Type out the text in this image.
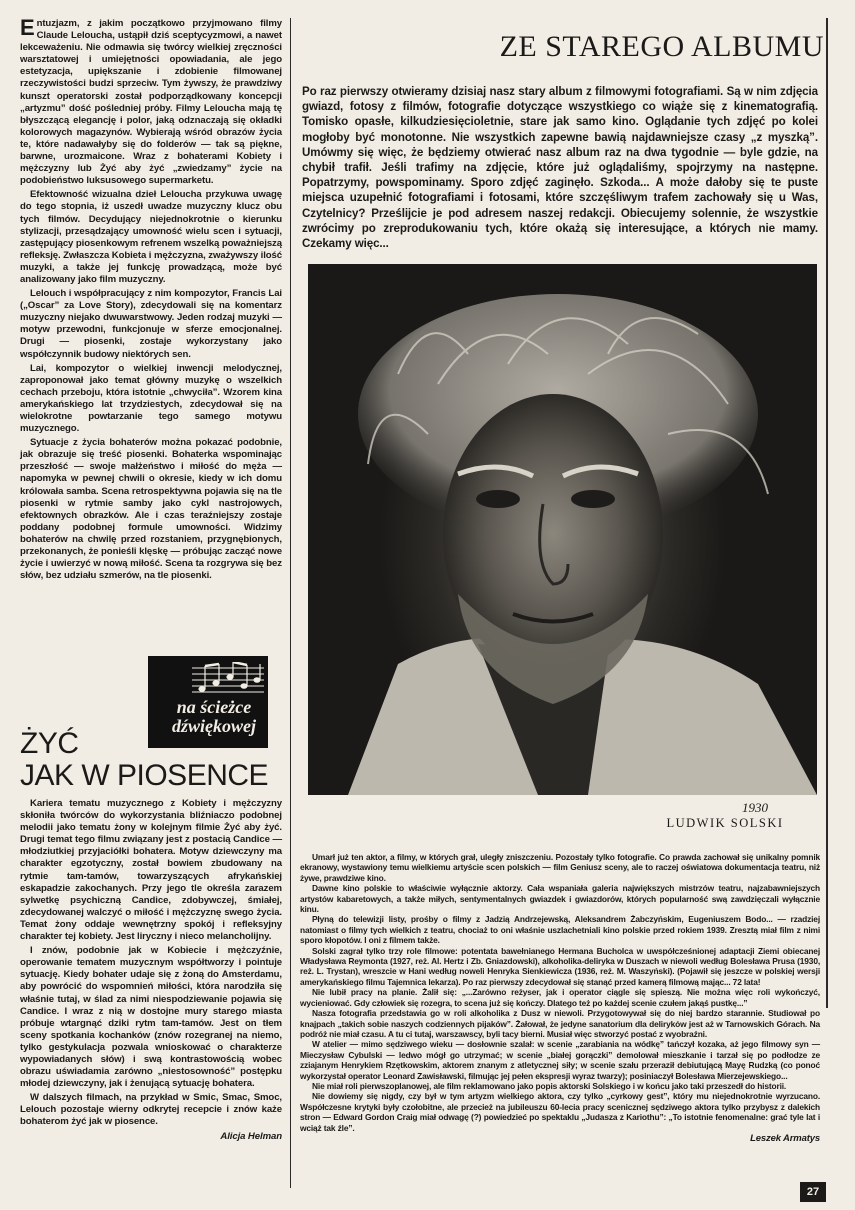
Entuzjazm, z jakim początkowo przyjmowano filmy Claude Leloucha, ustąpił dziś sceptycyzmowi, a nawet lekceważeniu. Nie odmawia się twórcy wielkiej zręczności warsztatowej i umiejętności opowiadania, ale jego estetyzacja, upiększanie i zdobienie filmowanej rzeczywistości budzi sprzeciw. Tym żywszy, że prawdziwy kunszt operatorski został podporządkowany koncepcji „artyzmu” dość pośledniej próby. Filmy Leloucha mają tę błyszczącą elegancję i polor, jaką odznaczają się okładki kolorowych magazynów. Wybierają wśród obrazów życia te, które nadawałyby się do folderów — tak są piękne, barwne, urozmaicone. Wraz z bohaterami Kobiety i mężczyzny lub Żyć aby żyć „zwiedzamy” życie na podobieństwo luksusowego supermarketu.

Efektowność wizualna dzieł Leloucha przykuwa uwagę do tego stopnia, iż uszedł uwadze muzyczny klucz obu tych filmów. Decydujący niejednokrotnie o kierunku stylizacji, przesądzający umowność wielu scen i sytuacji, zastępujący piosenkowym refrenem wszelką poważniejszą refleksję. Zwłaszcza Kobieta i mężczyzna, zważywszy ilość muzyki, a także jej funkcję prowadzącą, może być analizowany jako film muzyczny.

Lelouch i współpracujący z nim kompozytor, Francis Lai („Oscar” za Love Story), zdecydowali się na komentarz muzyczny niejako dwuwarstwowy. Jeden rodzaj muzyki — motyw przewodni, funkcjonuje w sferze emocjonalnej. Drugi — piosenki, zostaje wykorzystany jako współczynnik budowy niektórych sen.

Lai, kompozytor o wielkiej inwencji melodycznej, zaproponował jako temat główny muzykę o wszelkich cechach przeboju, która istotnie „chwyciła”. Wzorem kina amerykańskiego lat trzydziestych, zdecydował się na wielokrotne powtarzanie tego samego motywu muzycznego.

Sytuacje z życia bohaterów można pokazać podobnie, jak obrazuje się treść piosenki. Bohaterka wspominając przeszłość — swoje małżeństwo i miłość do męża — napomyka w pewnej chwili o okresie, kiedy w ich domu królowała samba. Scena retrospektywna pojawia się na tle piosenki w rytmie samby jako cykl nastrojowych, efektownych obrazków. Ale i czas teraźniejszy zostaje poddany podobnej formule umowności. Widzimy bohaterów na chwilę przed rozstaniem, przygnębionych, przekonanych, że ponieśli klęskę — próbując zacząć nowe życie i uwierzyć w nową miłość. Scena ta rozgrywa się bez słów, bez udziału szmerów, na tle piosenki.

na ścieżce
dźwiękowej
ŻYĆ
JAK W PIOSENCE

Kariera tematu muzycznego z Kobiety i mężczyzny skłoniła twórców do wykorzystania bliźniaczo podobnej melodii jako tematu żony w kolejnym filmie Żyć aby żyć. Drugi temat tego filmu związany jest z postacią Candice — młodziutkiej przyjaciółki bohatera. Motyw dziewczyny ma charakter egzotyczny, został bowiem zbudowany na rytmie tam-tamów, towarzyszących afrykańskiej eskapadzie zakochanych. Przy jego tle określa zarazem sylwetkę psychiczną Candice, zdobywczej, śmiałej, zdecydowanej walczyć o miłość i mężczyznę swego życia. Temat żony oddaje wewnętrzny spokój i refleksyjny charakter tej kobiety. Jest liryczny i nieco melancholijny.

I znów, podobnie jak w Kobiecie i mężczyźnie, operowanie tematem muzycznym współtworzy i pointuje sytuację. Kiedy bohater udaje się z żoną do Amsterdamu, aby powrócić do wspomnień miłości, która narodziła się właśnie tutaj, w ślad za nimi niespodziewanie pojawia się Candice. I wraz z nią w dostojne mury starego miasta próbuje wtargnąć dziki rytm tam-tamów. Jest on tłem sceny spotkania kochanków (znów rozegranej na niemo, tylko gestykulacja pozwala wnioskować o charakterze wypowiadanych słów) i swą kontrastowością wobec obrazu uświadamia zarówno „niestosowność” postępku młodej dziewczyny, jak i żenującą sytuację bohatera.

W dalszych filmach, na przykład w Smic, Smac, Smoc, Lelouch pozostaje wierny odkrytej recepcie i znów każe bohaterom żyć jak w piosence.

Alicja Helman
ZE STAREGO ALBUMU

Po raz pierwszy otwieramy dzisiaj nasz stary album z filmowymi fotografiami. Są w nim zdjęcia gwiazd, fotosy z filmów, fotografie dotyczące wszystkiego co wiąże się z kinematografią. Tomisko opasłe, kilkudziesięcioletnie, stare jak samo kino. Oglądanie tych zdjęć po kolei mogłoby być monotonne. Nie wszystkich zapewne bawią najdawniejsze czasy „z myszką”. Umówmy się więc, że będziemy otwierać nasz album raz na dwa tygodnie — byle gdzie, na chybił trafił. Jeśli trafimy na zdjęcie, które już oglądaliśmy, spojrzymy na następne. Popatrzymy, powspominamy. Sporo zdjęć zaginęło. Szkoda... A może dałoby się te puste miejsca uzupełnić fotografiami i fotosami, które szczęśliwym trafem zachowały się u Was, Czytelnicy? Prześlijcie je pod adresem naszej redakcji. Obiecujemy solennie, że wszystkie zwrócimy po zreprodukowaniu tych, które okażą się interesujące, a których nie mamy. Czekamy więc...

1930
LUDWIK SOLSKI

Umarł już ten aktor, a filmy, w których grał, uległy zniszczeniu. Pozostały tylko fotografie. Co prawda zachował się unikalny pomnik ekranowy, wystawiony temu wielkiemu artyście scen polskich — film Geniusz sceny, ale to raczej oświatowa dokumentacja teatru, niż żywe, prawdziwe kino.

Dawne kino polskie to właściwie wyłącznie aktorzy. Cała wspaniała galeria największych mistrzów teatru, najzabawniejszych artystów kabaretowych, a także miłych, sentymentalnych gwiazdek i gwiazdorów, których popularność swą zawdzięczali wyłącznie kinu.

Płyną do telewizji listy, prośby o filmy z Jadzią Andrzejewską, Aleksandrem Żabczyńskim, Eugeniuszem Bodo... — rzadziej natomiast o filmy tych wielkich z teatru, chociaż to oni właśnie uszlachetniali kino polskie przed rokiem 1939. Zresztą miał film z nimi sporo kłopotów. I oni z filmem także.

Solski zagrał tylko trzy role filmowe: potentata bawełnianego Hermana Bucholca w uwspółcześnionej adaptacji Ziemi obiecanej Władysława Reymonta (1927, reż. Al. Hertz i Zb. Gniazdowski), alkoholika-delirykа w Duszach w niewoli według Bolesława Prusa (1930, reż. L. Trystan), wreszcie w Hani według noweli Henryka Sienkiewicza (1936, reż. M. Waszyński). (Pojawił się jeszcze w polskiej wersji amerykańskiego filmu Tajemnica lekarza). Po raz pierwszy zdecydował się stanąć przed kamerą filmową mając... 72 lata!

Nie lubił pracy na planie. Żalił się: „...Zarówno reżyser, jak i operator ciągle się spieszą. Nie można więc roli wykończyć, wycieniować. Gdy człowiek się rozegra, to scena już się kończy. Dlatego też po każdej scenie czułem jakąś pustkę...”

Nasza fotografia przedstawia go w roli alkoholika z Dusz w niewoli. Przygotowywał się do niej bardzo starannie. Studiował po knajpach „takich sobie naszych codziennych pijaków”. Żałował, że jedyne sanatorium dla delirykόw jest aż w Tarnowskich Górach. Na podróż nie miał czasu. A tu ci tutaj, warszawscy, byli tacy bierni. Musiał więc stworzyć postać z wyobraźni.

W atelier — mimo sędziwego wieku — dosłownie szalał: w scenie „zarabiania na wódkę” tańczył kozaka, aż jego filmowy syn — Mieczysław Cybulski — ledwo mógł go utrzymać; w scenie „białej gorączki” demolował mieszkanie i tarzał się po podłodze ze zziajanym Henrykiem Rzętkowskim, aktorem znanym z atletycznej siły; w scenie szału przeraził debiutującą Mayę Rudzką (co ponoć wykorzystał operator Leonard Zawisławski, filmując jej pełen ekspresji wyraz twarzy); posiniaczył Bolesława Mierzejewskiego...

Nie miał roli pierwszoplanowej, ale film reklamowano jako popis aktorski Solskiego i w końcu jako taki przeszedł do historii.

Nie dowiemy się nigdy, czy był w tym artyzm wielkiego aktora, czy tylko „cyrkowy gest”, który mu niejednokrotnie wyrzucano. Współczesne krytyki były czołobitne, ale przecież na jubileuszu 60-lecia pracy scenicznej sędziwego aktora tylko przybysz z dalekich stron — Edward Gordon Craig miał odwagę (?) powiedzieć po spektaklu „Judasza z Kariothu”: „To istotnie fenomenalne: grać tyle lat i wciąż tak źle”.

Leszek Armatys
27
